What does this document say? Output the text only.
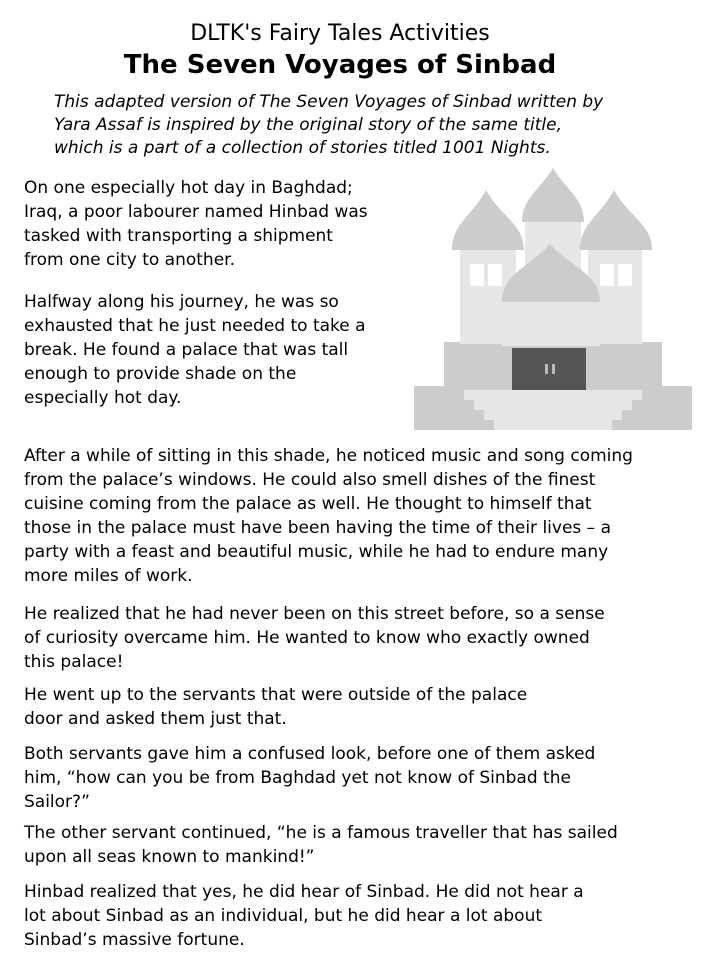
DLTK's Fairy Tales Activities
The Seven Voyages of Sinbad
This adapted version of The Seven Voyages of Sinbad written by
Yara Assaf is inspired by the original story of the same title,
which is a part of a collection of stories titled 1001 Nights.
On one especially hot day in Baghdad;
Iraq, a poor labourer named Hinbad was
tasked with transporting a shipment
from one city to another.
Halfway along his journey, he was so
exhausted that he just needed to take a
break. He found a palace that was tall
enough to provide shade on the
especially hot day.
After a while of sitting in this shade, he noticed music and song coming
from the palace’s windows. He could also smell dishes of the finest
cuisine coming from the palace as well. He thought to himself that
those in the palace must have been having the time of their lives – a
party with a feast and beautiful music, while he had to endure many
more miles of work.
He realized that he had never been on this street before, so a sense
of curiosity overcame him. He wanted to know who exactly owned
this palace!
He went up to the servants that were outside of the palace
door and asked them just that.
Both servants gave him a confused look, before one of them asked
him, “how can you be from Baghdad yet not know of Sinbad the
Sailor?”
The other servant continued, “he is a famous traveller that has sailed
upon all seas known to mankind!”
Hinbad realized that yes, he did hear of Sinbad. He did not hear a
lot about Sinbad as an individual, but he did hear a lot about
Sinbad’s massive fortune.
